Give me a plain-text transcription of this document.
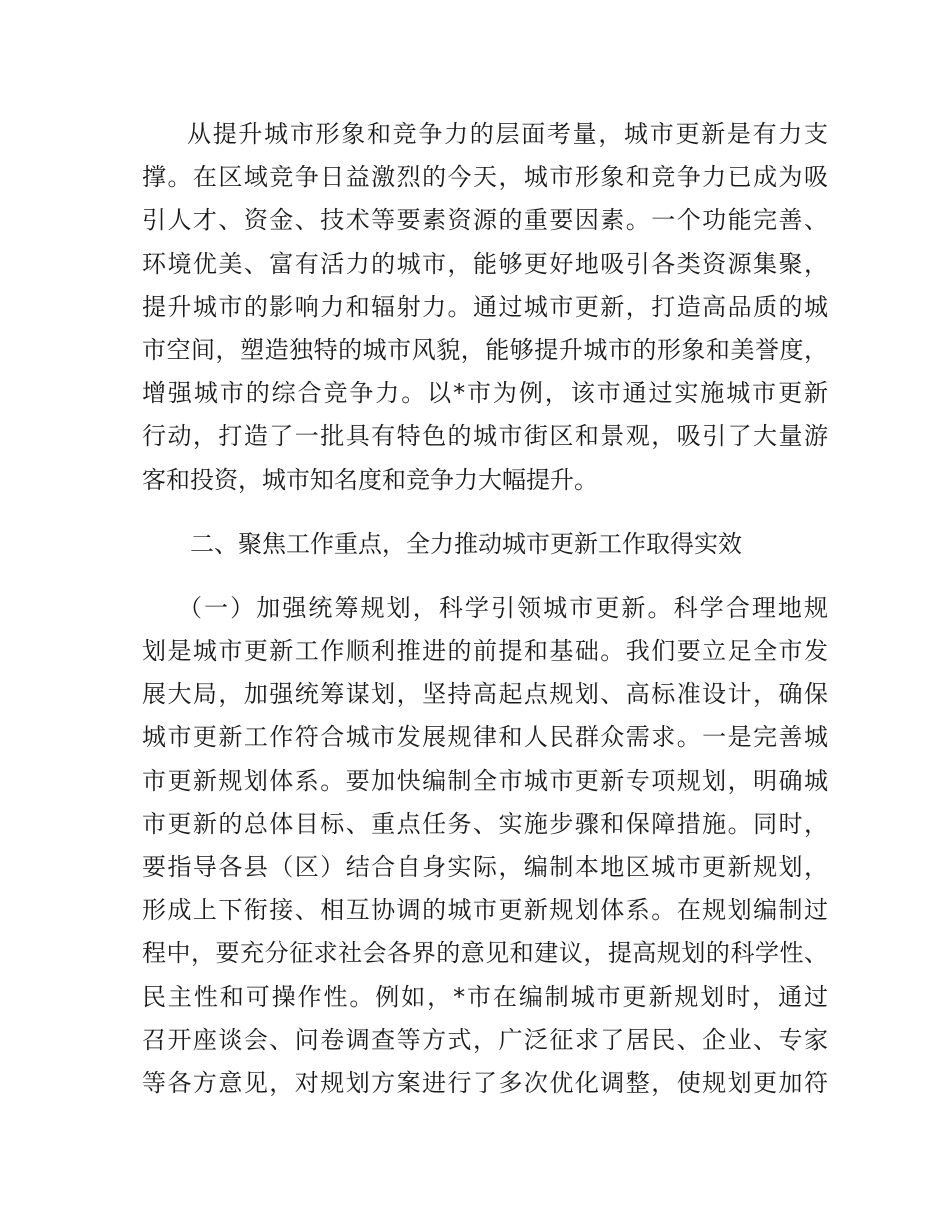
从提升城市形象和竞争力的层面考量，城市更新是有力支
撑。在区域竞争日益激烈的今天，城市形象和竞争力已成为吸
引人才、资金、技术等要素资源的重要因素。一个功能完善、
环境优美、富有活力的城市，能够更好地吸引各类资源集聚，
提升城市的影响力和辐射力。通过城市更新，打造高品质的城
市空间，塑造独特的城市风貌，能够提升城市的形象和美誉度，
增强城市的综合竞争力。以*市为例，该市通过实施城市更新
行动，打造了一批具有特色的城市街区和景观，吸引了大量游
客和投资，城市知名度和竞争力大幅提升。
二、聚焦工作重点，全力推动城市更新工作取得实效
（一）加强统筹规划，科学引领城市更新。科学合理地规
划是城市更新工作顺利推进的前提和基础。我们要立足全市发
展大局，加强统筹谋划，坚持高起点规划、高标准设计，确保
城市更新工作符合城市发展规律和人民群众需求。一是完善城
市更新规划体系。要加快编制全市城市更新专项规划，明确城
市更新的总体目标、重点任务、实施步骤和保障措施。同时，
要指导各县（区）结合自身实际，编制本地区城市更新规划，
形成上下衔接、相互协调的城市更新规划体系。在规划编制过
程中，要充分征求社会各界的意见和建议，提高规划的科学性、
民主性和可操作性。例如，*市在编制城市更新规划时，通过
召开座谈会、问卷调查等方式，广泛征求了居民、企业、专家
等各方意见，对规划方案进行了多次优化调整，使规划更加符
